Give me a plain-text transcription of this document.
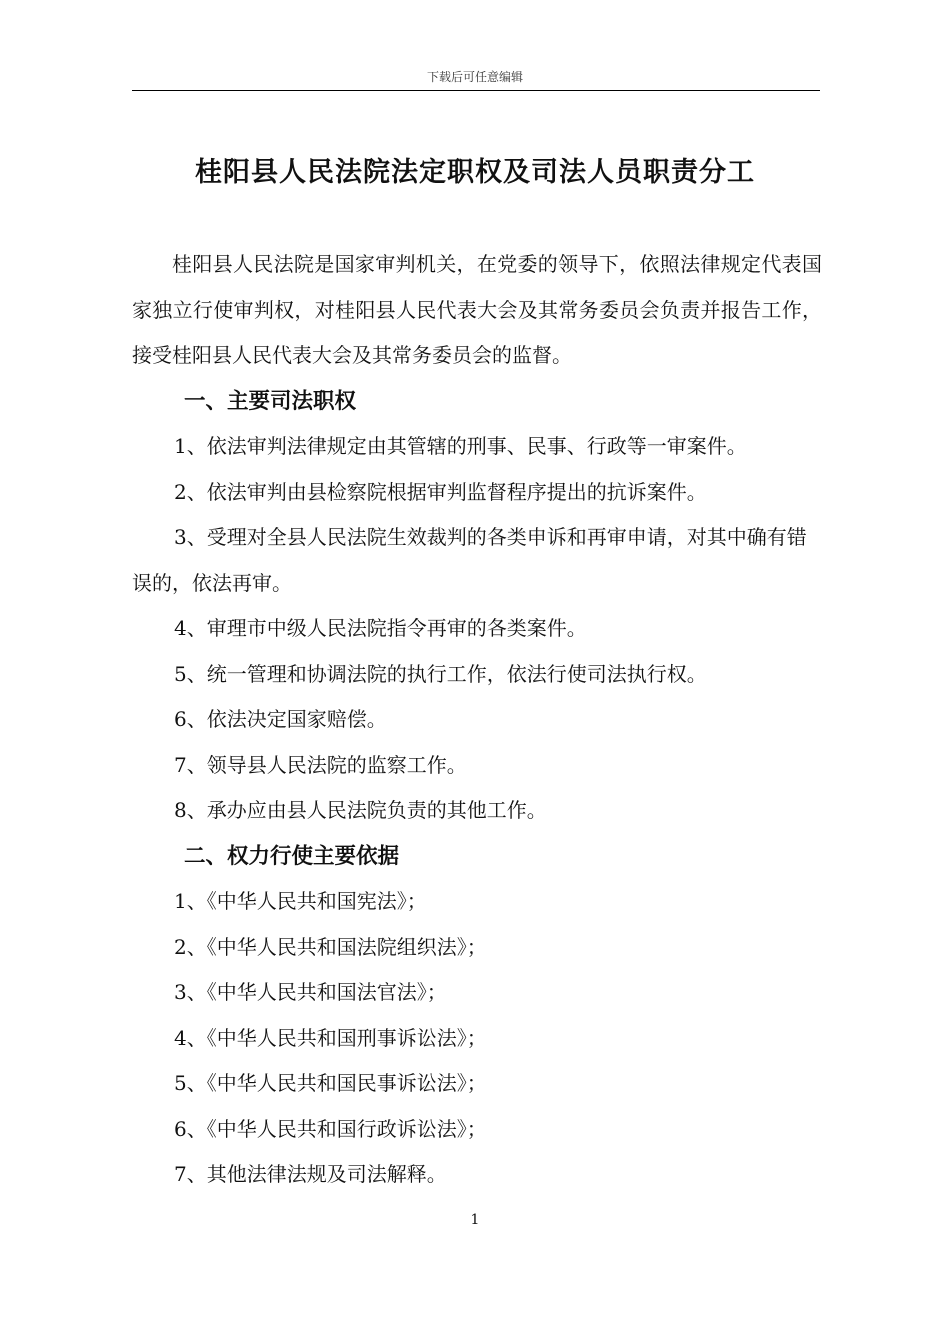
下载后可任意编辑
桂阳县人民法院法定职权及司法人员职责分工

桂阳县人民法院是国家审判机关，在党委的领导下，依照法律规定代表国家独立行使审判权，对桂阳县人民代表大会及其常务委员会负责并报告工作，接受桂阳县人民代表大会及其常务委员会的监督。

一、主要司法职权

1、依法审判法律规定由其管辖的刑事、民事、行政等一审案件。

2、依法审判由县检察院根据审判监督程序提出的抗诉案件。

3、受理对全县人民法院生效裁判的各类申诉和再审申请，对其中确有错误的，依法再审。

4、审理市中级人民法院指令再审的各类案件。

5、统一管理和协调法院的执行工作，依法行使司法执行权。

6、依法决定国家赔偿。

7、领导县人民法院的监察工作。

8、承办应由县人民法院负责的其他工作。

二、权力行使主要依据

1、《中华人民共和国宪法》；

2、《中华人民共和国法院组织法》；

3、《中华人民共和国法官法》；

4、《中华人民共和国刑事诉讼法》；

5、《中华人民共和国民事诉讼法》；

6、《中华人民共和国行政诉讼法》；

7、其他法律法规及司法解释。

1
